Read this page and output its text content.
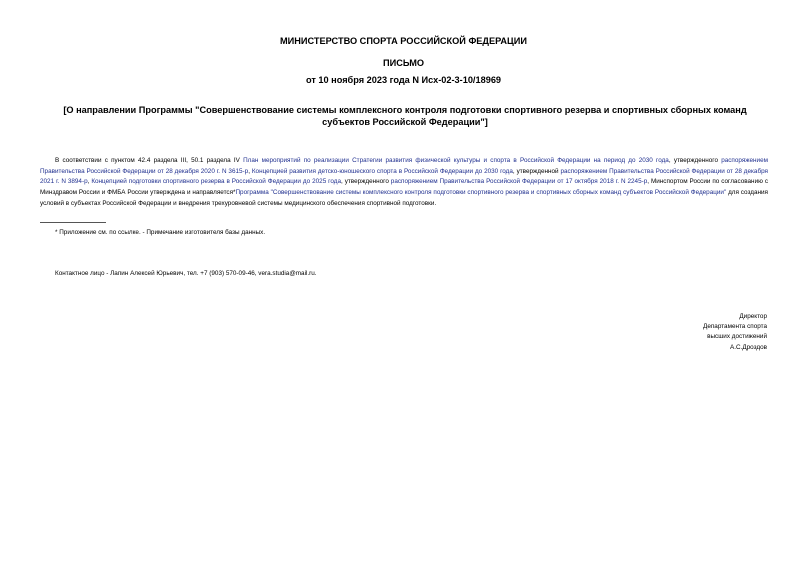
МИНИСТЕРСТВО СПОРТА РОССИЙСКОЙ ФЕДЕРАЦИИ
ПИСЬМО
от 10 ноября 2023 года N Исх-02-3-10/18969
[О направлении Программы "Совершенствование системы комплексного контроля подготовки спортивного резерва и спортивных сборных команд субъектов Российской Федерации"]
В соответствии с пунктом 42.4 раздела III, 50.1 раздела IV План мероприятий по реализации Стратегии развития физической культуры и спорта в Российской Федерации на период до 2030 года, утвержденного распоряжением Правительства Российской Федерации от 28 декабря 2020 г. N 3615-р, Концепцией развития детско-юношеского спорта в Российской Федерации до 2030 года, утвержденной распоряжением Правительства Российской Федерации от 28 декабря 2021 г. N 3894-р, Концепцией подготовки спортивного резерва в Российской Федерации до 2025 года, утвержденного распоряжением Правительства Российской Федерации от 17 октября 2018 г. N 2245-р, Минспортом России по согласованию с Минздравом России и ФМБА России утверждена и направляется*Программа "Совершенствование системы комплексного контроля подготовки спортивного резерва и спортивных сборных команд субъектов Российской Федерации" для создания условий в субъектах Российской Федерации и внедрения трехуровневой системы медицинского обеспечения спортивной подготовки.
* Приложение см. по ссылке. - Примечание изготовителя базы данных.
Контактное лицо - Лапин Алексей Юрьевич, тел. +7 (903) 570-09-46, vera.studia@mail.ru.
Директор
Департамента спорта
высших достижений
А.С.Дроздов
